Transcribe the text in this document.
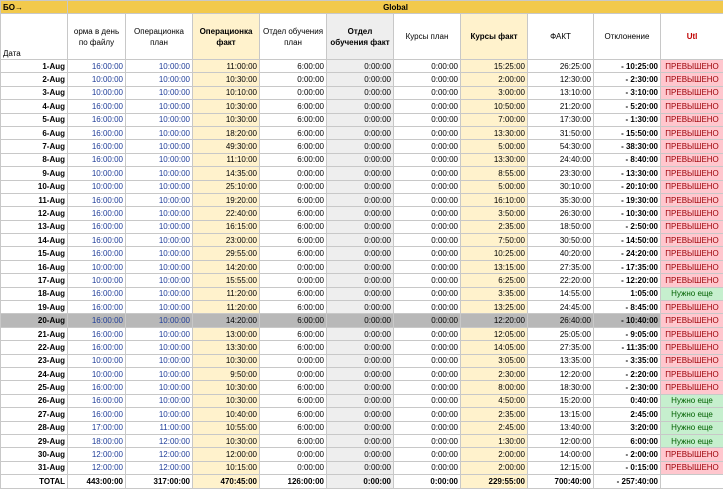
БО→	Global									
Дата	орма в день по файлу	Операционка план	Операционка факт	Отдел обучения план	Отдел обучения факт	Курсы план	Курсы факт	ФАКТ	Отклонение	Utl
1-Aug	16:00:00	10:00:00	11:00:00	6:00:00	0:00:00	0:00:00	15:25:00	26:25:00	- 10:25:00	ПРЕВЫШЕНО
2-Aug	10:00:00	10:00:00	10:30:00	0:00:00	0:00:00	0:00:00	2:00:00	12:30:00	- 2:30:00	ПРЕВЫШЕНО
3-Aug	10:00:00	10:00:00	10:10:00	0:00:00	0:00:00	0:00:00	3:00:00	13:10:00	- 3:10:00	ПРЕВЫШЕНО
4-Aug	16:00:00	10:00:00	10:30:00	6:00:00	0:00:00	0:00:00	10:50:00	21:20:00	- 5:20:00	ПРЕВЫШЕНО
5-Aug	16:00:00	10:00:00	10:30:00	6:00:00	0:00:00	0:00:00	7:00:00	17:30:00	- 1:30:00	ПРЕВЫШЕНО
6-Aug	16:00:00	10:00:00	18:20:00	6:00:00	0:00:00	0:00:00	13:30:00	31:50:00	- 15:50:00	ПРЕВЫШЕНО
7-Aug	16:00:00	10:00:00	49:30:00	6:00:00	0:00:00	0:00:00	5:00:00	54:30:00	- 38:30:00	ПРЕВЫШЕНО
8-Aug	16:00:00	10:00:00	11:10:00	6:00:00	0:00:00	0:00:00	13:30:00	24:40:00	- 8:40:00	ПРЕВЫШЕНО
9-Aug	10:00:00	10:00:00	14:35:00	0:00:00	0:00:00	0:00:00	8:55:00	23:30:00	- 13:30:00	ПРЕВЫШЕНО
10-Aug	10:00:00	10:00:00	25:10:00	0:00:00	0:00:00	0:00:00	5:00:00	30:10:00	- 20:10:00	ПРЕВЫШЕНО
11-Aug	16:00:00	10:00:00	19:20:00	6:00:00	0:00:00	0:00:00	16:10:00	35:30:00	- 19:30:00	ПРЕВЫШЕНО
12-Aug	16:00:00	10:00:00	22:40:00	6:00:00	0:00:00	0:00:00	3:50:00	26:30:00	- 10:30:00	ПРЕВЫШЕНО
13-Aug	16:00:00	10:00:00	16:15:00	6:00:00	0:00:00	0:00:00	2:35:00	18:50:00	- 2:50:00	ПРЕВЫШЕНО
14-Aug	16:00:00	10:00:00	23:00:00	6:00:00	0:00:00	0:00:00	7:50:00	30:50:00	- 14:50:00	ПРЕВЫШЕНО
15-Aug	16:00:00	10:00:00	29:55:00	6:00:00	0:00:00	0:00:00	10:25:00	40:20:00	- 24:20:00	ПРЕВЫШЕНО
16-Aug	10:00:00	10:00:00	14:20:00	0:00:00	0:00:00	0:00:00	13:15:00	27:35:00	- 17:35:00	ПРЕВЫШЕНО
17-Aug	10:00:00	10:00:00	15:55:00	0:00:00	0:00:00	0:00:00	6:25:00	22:20:00	- 12:20:00	ПРЕВЫШЕНО
18-Aug	16:00:00	10:00:00	11:20:00	6:00:00	0:00:00	0:00:00	3:35:00	14:55:00	1:05:00	Нужно еще
19-Aug	16:00:00	10:00:00	11:20:00	6:00:00	0:00:00	0:00:00	13:25:00	24:45:00	- 8:45:00	ПРЕВЫШЕНО
20-Aug	16:00:00	10:00:00	14:20:00	6:00:00	0:00:00	0:00:00	12:20:00	26:40:00	- 10:40:00	ПРЕВЫШЕНО
21-Aug	16:00:00	10:00:00	13:00:00	6:00:00	0:00:00	0:00:00	12:05:00	25:05:00	- 9:05:00	ПРЕВЫШЕНО
22-Aug	16:00:00	10:00:00	13:30:00	6:00:00	0:00:00	0:00:00	14:05:00	27:35:00	- 11:35:00	ПРЕВЫШЕНО
23-Aug	10:00:00	10:00:00	10:30:00	0:00:00	0:00:00	0:00:00	3:05:00	13:35:00	- 3:35:00	ПРЕВЫШЕНО
24-Aug	10:00:00	10:00:00	9:50:00	0:00:00	0:00:00	0:00:00	2:30:00	12:20:00	- 2:20:00	ПРЕВЫШЕНО
25-Aug	16:00:00	10:00:00	10:30:00	6:00:00	0:00:00	0:00:00	8:00:00	18:30:00	- 2:30:00	ПРЕВЫШЕНО
26-Aug	16:00:00	10:00:00	10:30:00	6:00:00	0:00:00	0:00:00	4:50:00	15:20:00	0:40:00	Нужно еще
27-Aug	16:00:00	10:00:00	10:40:00	6:00:00	0:00:00	0:00:00	2:35:00	13:15:00	2:45:00	Нужно еще
28-Aug	17:00:00	11:00:00	10:55:00	6:00:00	0:00:00	0:00:00	2:45:00	13:40:00	3:20:00	Нужно еще
29-Aug	18:00:00	12:00:00	10:30:00	6:00:00	0:00:00	0:00:00	1:30:00	12:00:00	6:00:00	Нужно еще
30-Aug	12:00:00	12:00:00	12:00:00	0:00:00	0:00:00	0:00:00	2:00:00	14:00:00	- 2:00:00	ПРЕВЫШЕНО
31-Aug	12:00:00	12:00:00	10:15:00	0:00:00	0:00:00	0:00:00	2:00:00	12:15:00	- 0:15:00	ПРЕВЫШЕНО
TOTAL	443:00:00	317:00:00	470:45:00	126:00:00	0:00:00	0:00:00	229:55:00	700:40:00	- 257:40:00	
